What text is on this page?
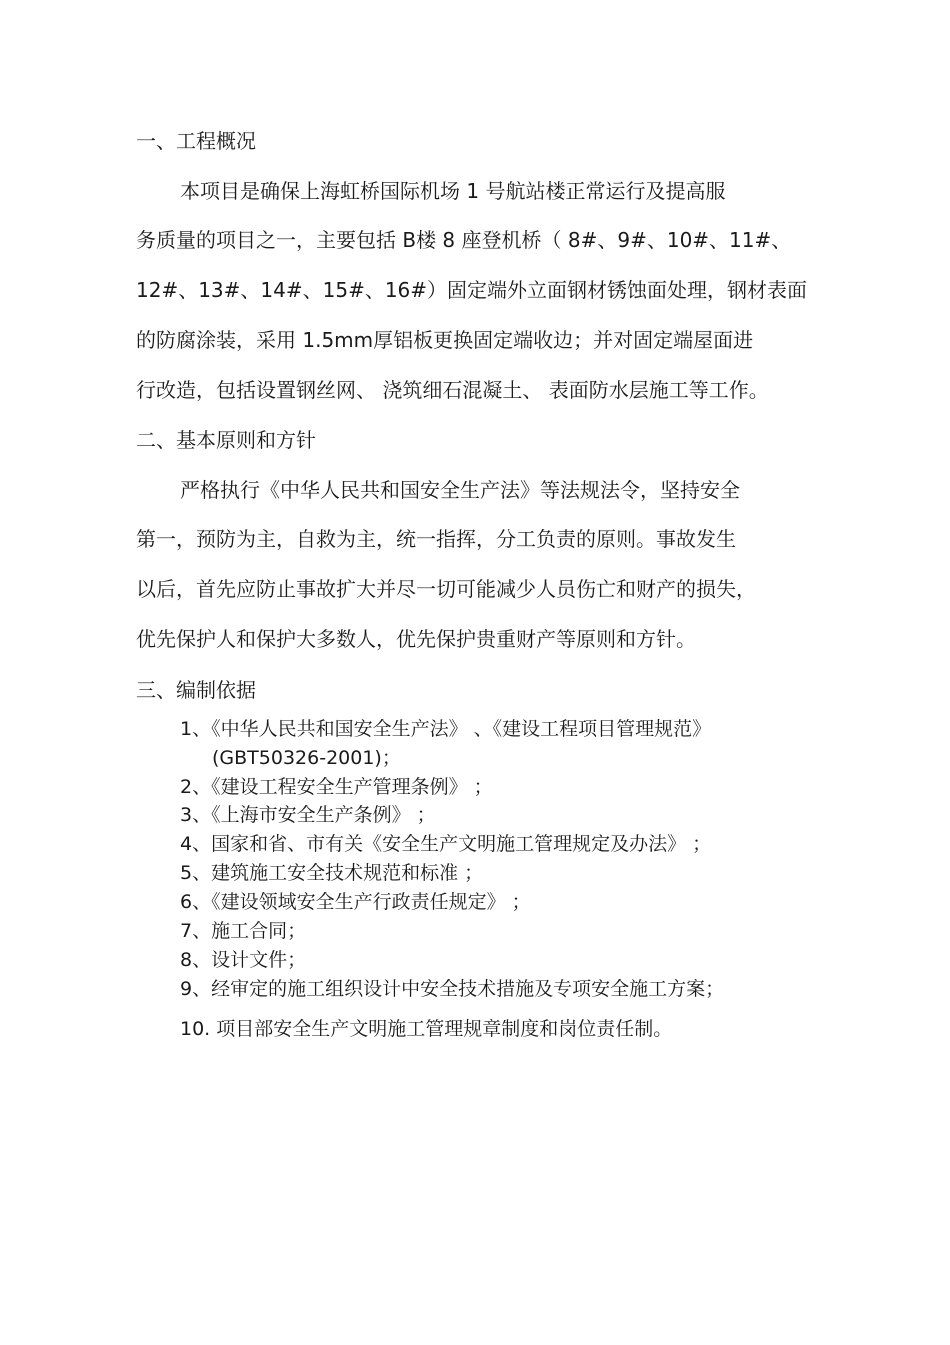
一、工程概况
本项目是确保上海虹桥国际机场 1 号航站楼正常运行及提高服
务质量的项目之一，主要包括 B楼 8 座登机桥（ 8#、9#、10#、11#、
12#、13#、14#、15#、16#）固定端外立面钢材锈蚀面处理，钢材表面
的防腐涂装，采用 1.5mm厚铝板更换固定端收边；并对固定端屋面进
行改造，包括设置钢丝网、 浇筑细石混凝土、 表面防水层施工等工作。
二、基本原则和方针
严格执行《中华人民共和国安全生产法》等法规法令，坚持安全
第一，预防为主，自救为主，统一指挥，分工负责的原则。事故发生
以后，首先应防止事故扩大并尽一切可能减少人员伤亡和财产的损失，
优先保护人和保护大多数人，优先保护贵重财产等原则和方针。
三、编制依据
1、《中华人民共和国安全生产法》 、《建设工程项目管理规范》
(GBT50326-2001)；
2、《建设工程安全生产管理条例》 ；
3、《上海市安全生产条例》 ；
4、国家和省、市有关《安全生产文明施工管理规定及办法》 ；
5、建筑施工安全技术规范和标准 ；
6、《建设领域安全生产行政责任规定》 ；
7、施工合同；
8、设计文件；
9、经审定的施工组织设计中安全技术措施及专项安全施工方案；
10. 项目部安全生产文明施工管理规章制度和岗位责任制。
